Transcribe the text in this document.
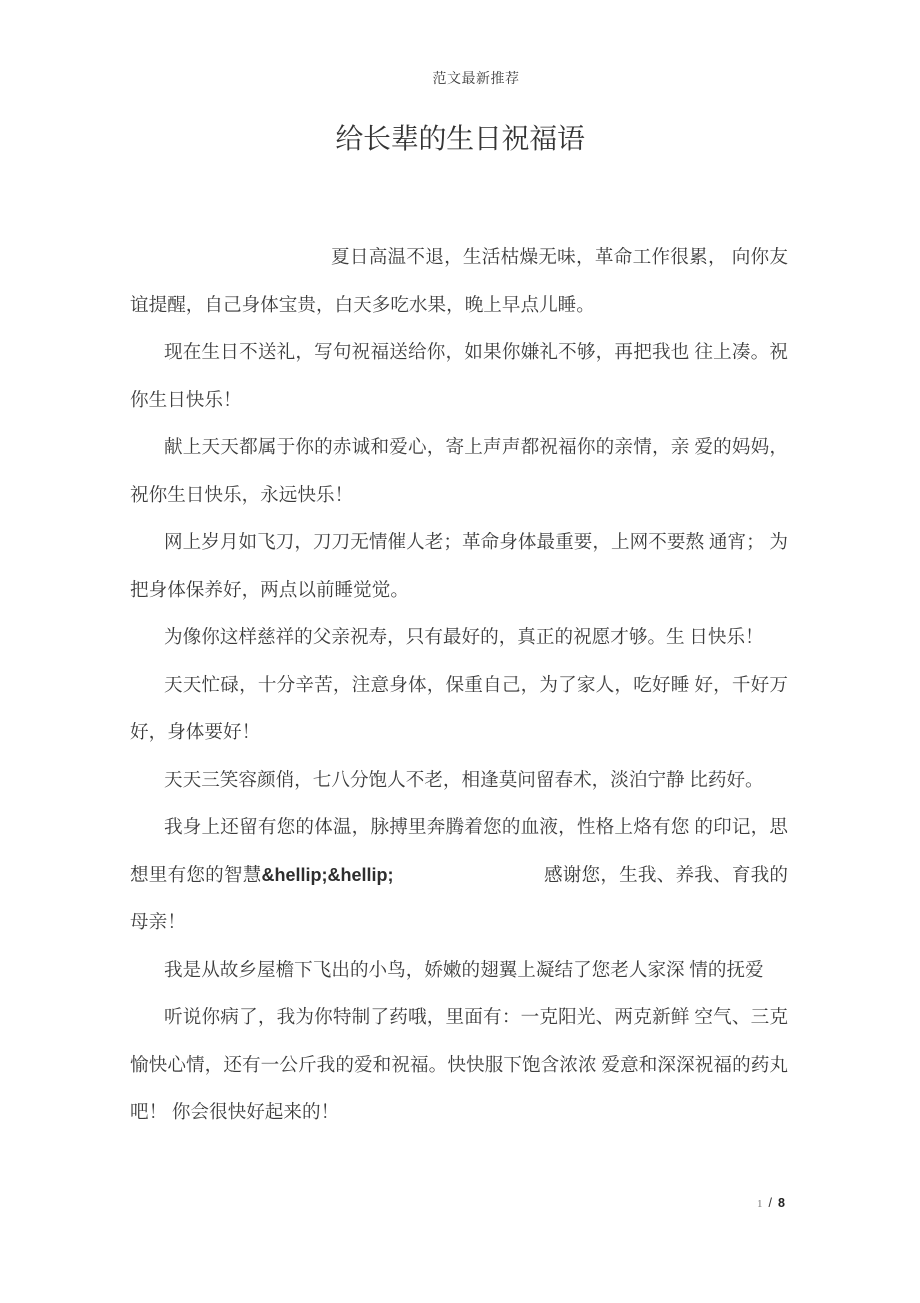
范文最新推荐
给长辈的生日祝福语

夏日高温不退，生活枯燥无味，革命工作很累， 向你友谊提醒，自己身体宝贵，白天多吃水果，晚上早点儿睡。

现在生日不送礼，写句祝福送给你，如果你嫌礼不够，再把我也 往上凑。祝你生日快乐！

献上天天都属于你的赤诚和爱心，寄上声声都祝福你的亲情，亲 爱的妈妈，祝你生日快乐，永远快乐！

网上岁月如飞刀，刀刀无情催人老；革命身体最重要，上网不要熬 通宵； 为把身体保养好，两点以前睡觉觉。

为像你这样慈祥的父亲祝寿，只有最好的，真正的祝愿才够。生 日快乐！

天天忙碌，十分辛苦，注意身体，保重自己，为了家人，吃好睡 好，千好万好，身体要好！

天天三笑容颜俏，七八分饱人不老，相逢莫问留春术，淡泊宁静 比药好。

我身上还留有您的体温，脉搏里奔腾着您的血液，性格上烙有您 的印记，思想里有您的智慧&hellip;&hellip;　　　　　　　　感谢您，生我、养我、育我的母亲！

我是从故乡屋檐下飞出的小鸟，娇嫩的翅翼上凝结了您老人家深 情的抚爱

听说你病了，我为你特制了药哦，里面有：一克阳光、两克新鲜 空气、三克愉快心情，还有一公斤我的爱和祝福。快快服下饱含浓浓 爱意和深深祝福的药丸吧！ 你会很快好起来的！

1 / 8
